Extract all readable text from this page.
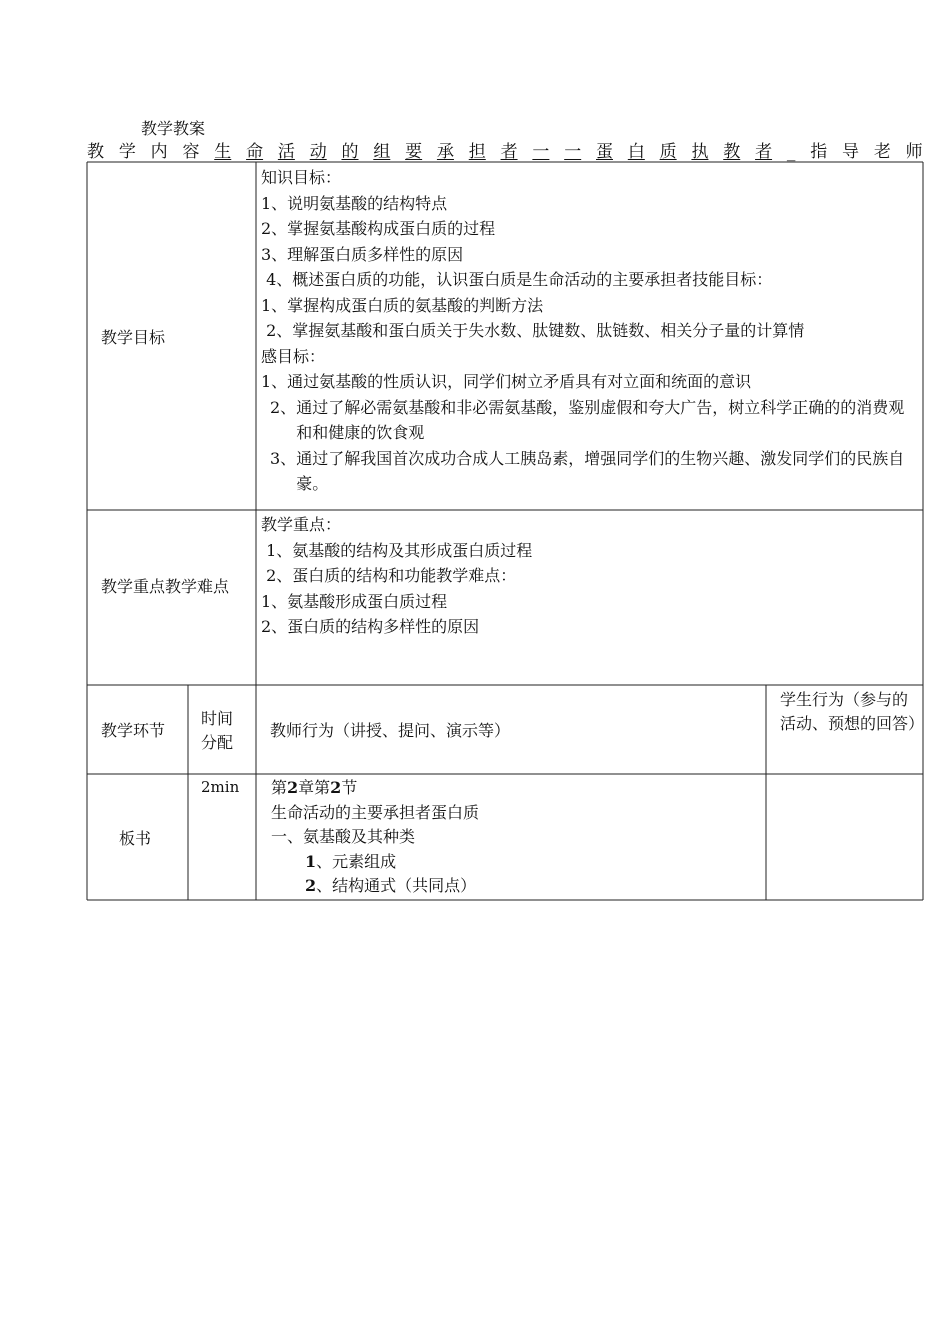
教学教案
教 学 内 容 生 命 活 动 的 组 要 承 担 者 一 一 蛋 白 质 执 教 者 _ 指 导 老 师
教学目标
知识目标：
1、说明氨基酸的结构特点
2、掌握氨基酸构成蛋白质的过程
3、理解蛋白质多样性的原因
4、概述蛋白质的功能，认识蛋白质是生命活动的主要承担者技能目标：
1、掌握构成蛋白质的氨基酸的判断方法
2、掌握氨基酸和蛋白质关于失水数、肽键数、肽链数、相关分子量的计算情
感目标：
1、通过氨基酸的性质认识，同学们树立矛盾具有对立面和统面的意识
2、 通过了解必需氨基酸和非必需氨基酸，鉴别虚假和夸大广告，树立科学正确的的消费观和和健康的饮食观
3、 通过了解我国首次成功合成人工胰岛素，增强同学们的生物兴趣、激发同学们的民族自豪。
教学重点教学难点
教学重点：
1、氨基酸的结构及其形成蛋白质过程
2、蛋白质的结构和功能教学难点：
1、氨基酸形成蛋白质过程
2、蛋白质的结构多样性的原因
教学环节
时间分配
教师行为（讲授、提问、演示等）
学生行为（参与的活动、预想的回答）
板书
2min 第2章第2节
生命活动的主要承担者蛋白质
一、氨基酸及其种类
1、元素组成
2、结构通式（共同点）
